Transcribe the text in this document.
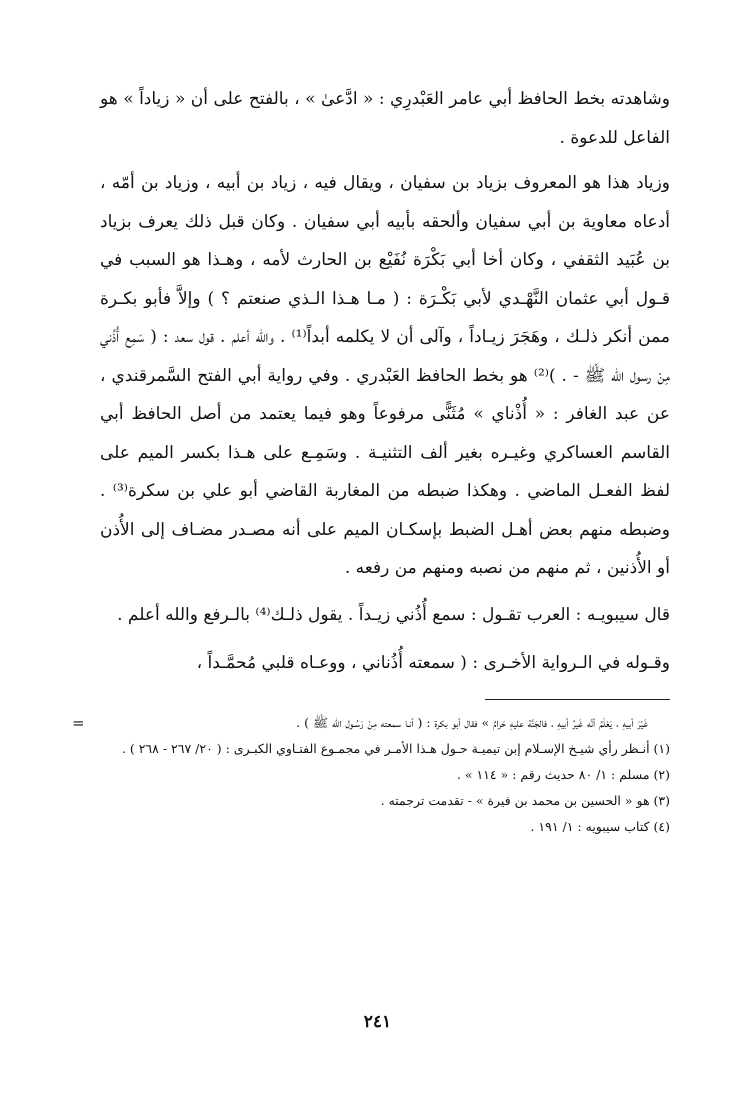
وشاهدته بخط الحافظ أبي عامر العَبْدرِي : « ادَّعىٰ » ، بالفتح على أن « زياداً » هو الفاعل للدعوة .

وزياد هذا هو المعروف بزياد بن سفيان ، ويقال فيه ، زياد بن أبيه ، وزياد بن أمّه ، أدعاه معاوية بن أبي سفيان وألحقه بأبيه أبي سفيان . وكان قبل ذلك يعرف بزياد بن عُبَيد الثقفي ، وكان أخا أبي بَكْرَة نُفَيْع بن الحارث لأمه ، وهـذا هو السبب في قـول أبي عثمان النَّهْـدي لأبي بَكْـرَة : ( مـا هـذا الـذي صنعتم ؟ ) وإلاَّ فأبو بكـرة ممن أنكر ذلـك ، وهَجَرَ زيـاداً ، وآلى أن لا يكلمه أبداً⁽¹⁾ . والله أعلم . قول سعد : ( سَمِع أُذُني مِنْ رسول الله ﷺ - . )⁽²⁾ هو بخط الحافظ العَبْدري . وفي رواية أبي الفتح السَّمرقندي ، عن عبد الغافر : « أُذْناي » مُثَنًّى مرفوعاً وهو فيما يعتمد من أصل الحافظ أبي القاسم العساكري وغيـره بغير ألف التثنيـة . وسَمِـع على هـذا بكسر الميم على لفظ الفعـل الماضي . وهكذا ضبطه من المغاربة القاضي أبو علي بن سكرة⁽³⁾ . وضبطه منهم بعض أهـل الضبط بإسكـان الميم على أنه مصـدر مضـاف إلى الأُذن أو الأُذنين ، ثم منهم من نصبه ومنهم من رفعه .

قال سيبويـه : العرب تقـول : سمع أُذُني زيـداً . يقول ذلـك⁽⁴⁾ بالـرفع والله أعلم .

وقـوله في الـرواية الأخـرى : ( سمعته أُذُناني ، ووعـاه قلبي مُحمَّـداً ،

=	غَيْرَ أبيهِ ، يَعْلَمُ أنَّه غَيرُ أبيهِ ، فالجَنَّة عليهِ حَرامٌ » فقال أبو بكرة : ( أنـا سمعته مِنْ رَسُـول الله ﷺ ) .

(١) أنـظر رأي شيـخ الإسـلام إبن تيميـة حـول هـذا الأمـر في مجمـوع الفتـاوي الكبـرى : ( ٢٠/ ٢٦٧ - ٢٦٨ ) .

(٢) مسلم : ١/ ٨٠ حديث رقم : « ١١٤ » .

(٣) هو « الحسين بن محمد بن فيرة » - تقدمت ترجمته .

(٤) كتاب سيبويه : ١/ ١٩١ .

٢٤١
